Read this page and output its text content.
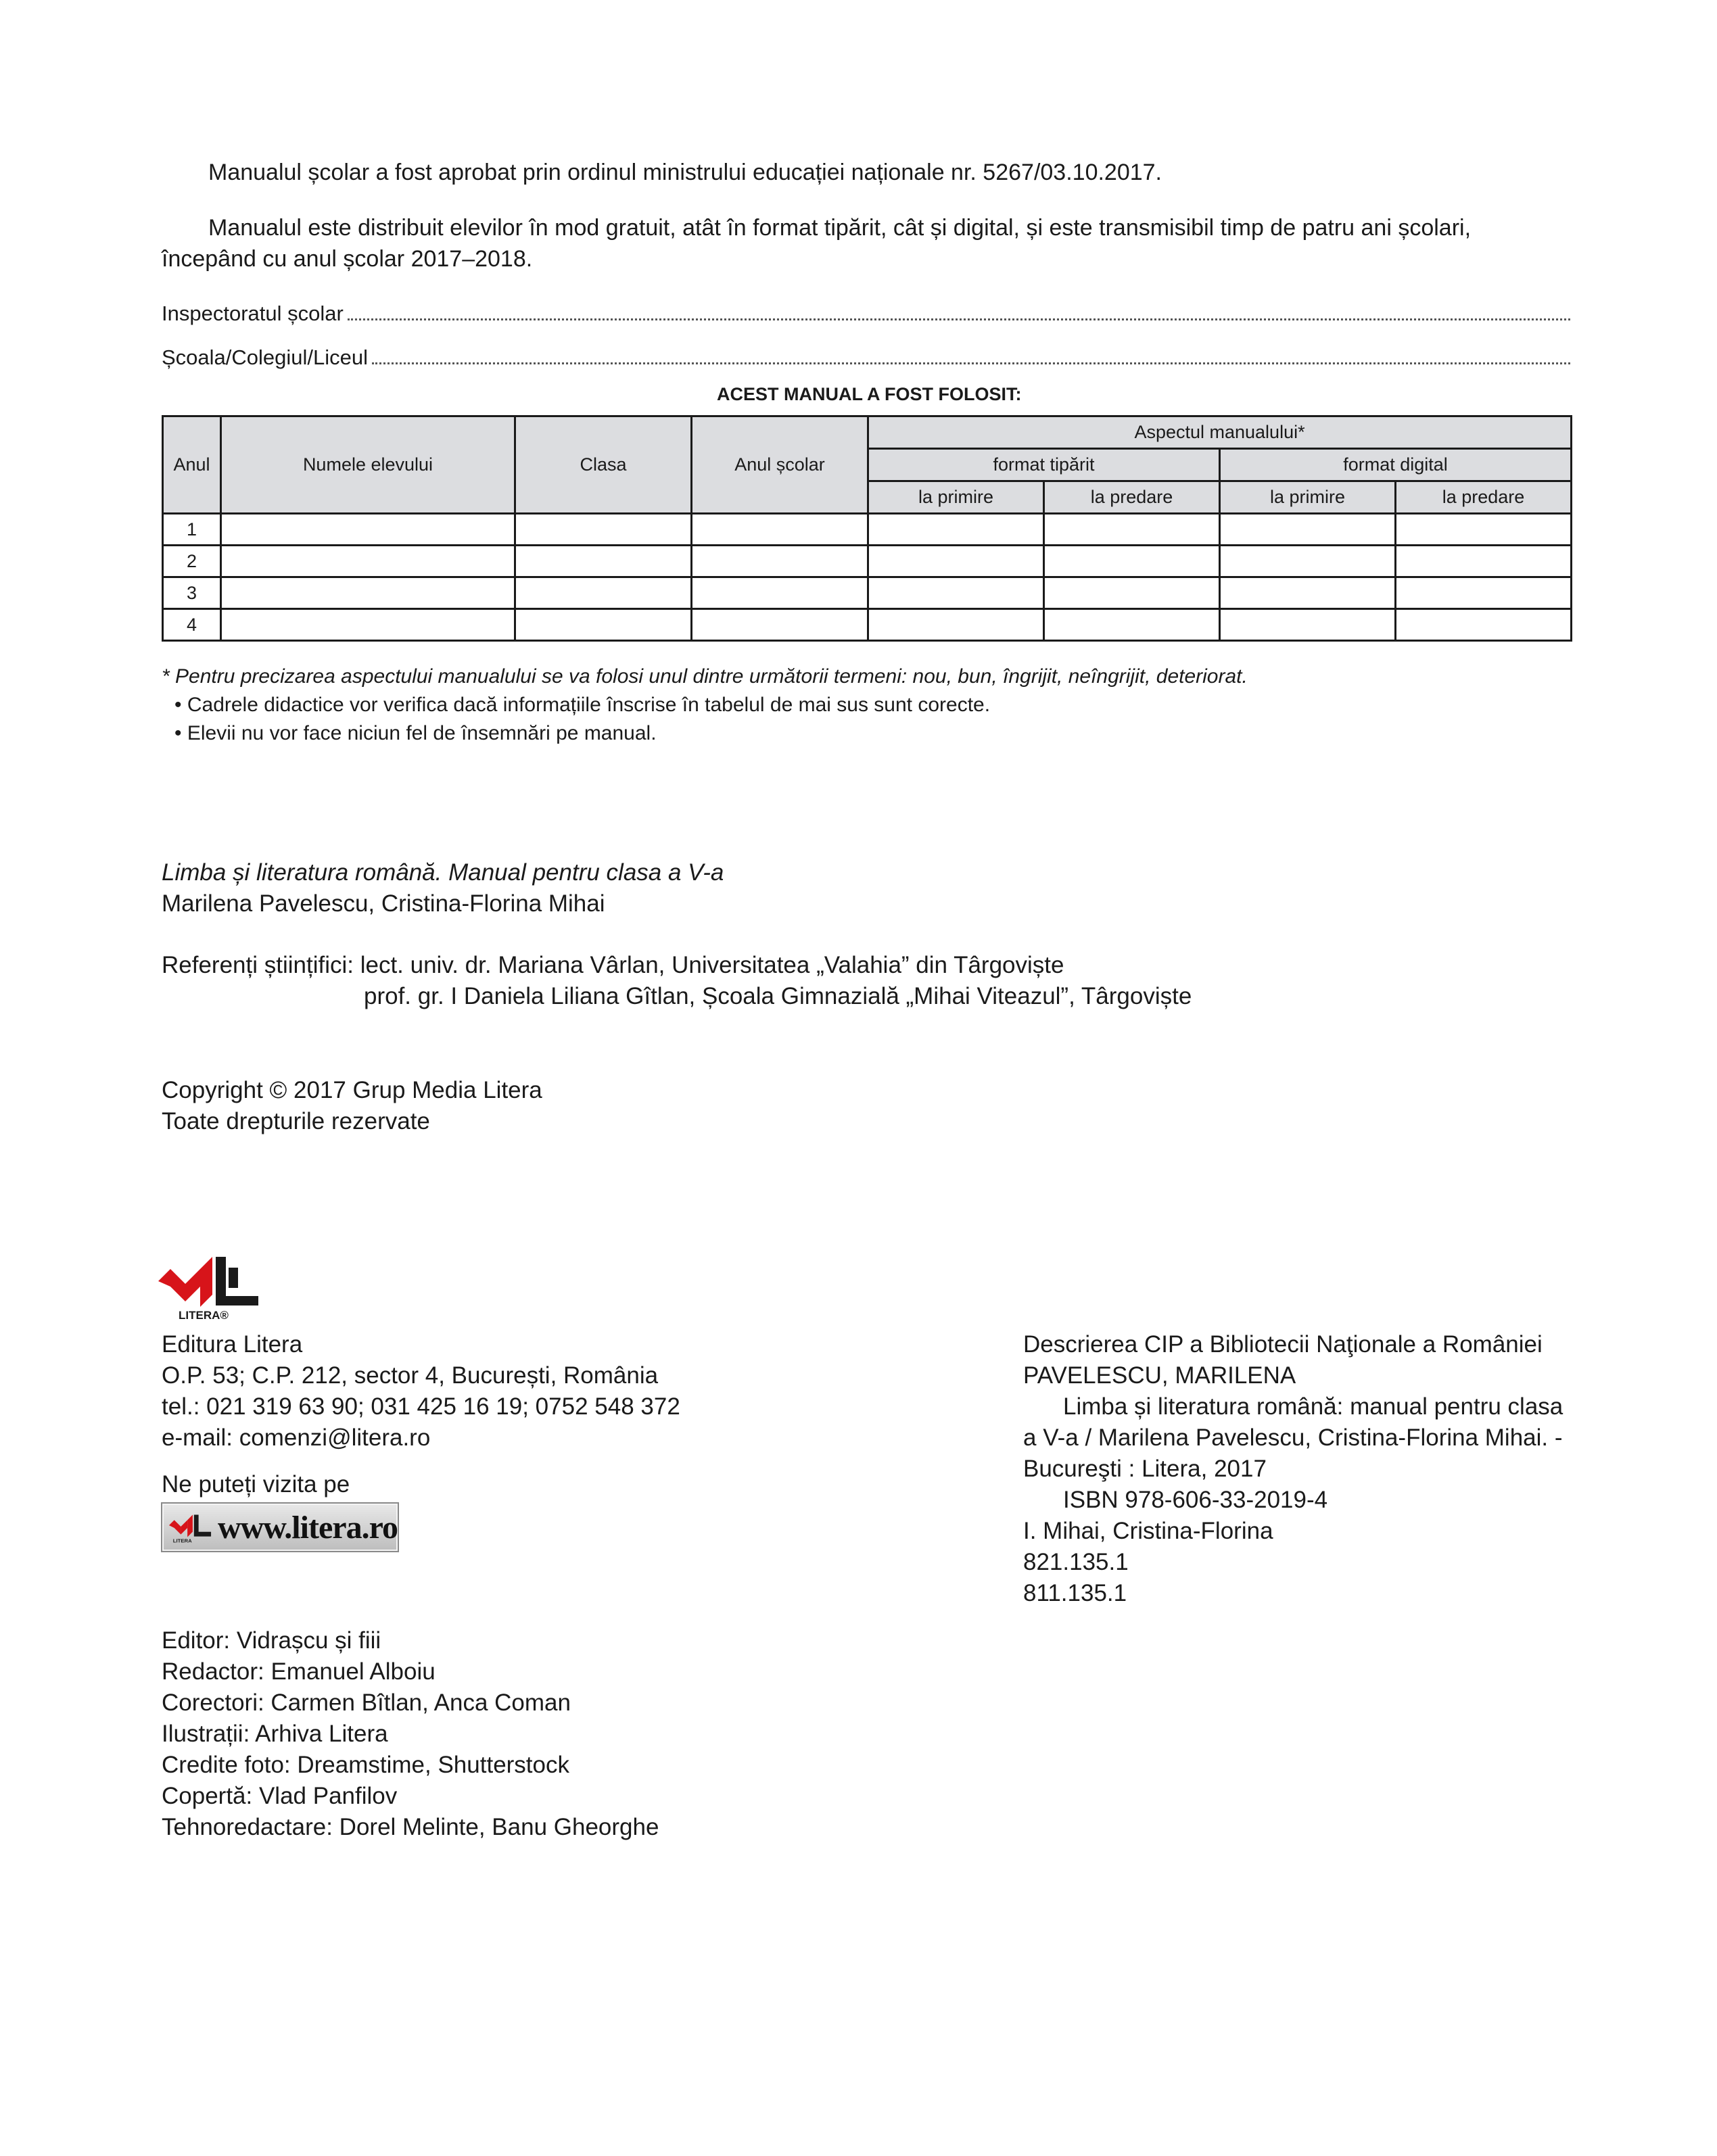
Manualul școlar a fost aprobat prin ordinul ministrului educației naționale nr. 5267/03.10.2017.
Manualul este distribuit elevilor în mod gratuit, atât în format tipărit, cât și digital, și este transmisibil timp de patru ani școlari,
începând cu anul școlar 2017–2018.
Inspectoratul școlar
Școala/Colegiul/Liceul
ACEST MANUAL A FOST FOLOSIT:
Anul	Numele elevului	Clasa	Anul școlar	Aspectul manualului*			
				format tipărit		format digital	
				la primire	la predare	la primire	la predare
1							
2							
3							
4							
* Pentru precizarea aspectului manualului se va folosi unul dintre următorii termeni: nou, bun, îngrijit, neîngrijit, deteriorat.
• Cadrele didactice vor verifica dacă informațiile înscrise în tabelul de mai sus sunt corecte.
• Elevii nu vor face niciun fel de însemnări pe manual.
Limba și literatura română. Manual pentru clasa a V-a
Marilena Pavelescu, Cristina-Florina Mihai
Referenți științifici: lect. univ. dr. Mariana Vârlan, Universitatea „Valahia” din Târgoviște
prof. gr. I Daniela Liliana Gîtlan, Școala Gimnazială „Mihai Viteazul”, Târgoviște
Copyright © 2017 Grup Media Litera
Toate drepturile rezervate
LITERA®
Editura Litera
O.P. 53; C.P. 212, sector 4, București, România
tel.: 021 319 63 90; 031 425 16 19; 0752 548 372
e-mail: comenzi@litera.ro
Ne puteți vizita pe
LITERA www.litera.ro
Descrierea CIP a Bibliotecii Naţionale a României
PAVELESCU, MARILENA
Limba și literatura română: manual pentru clasa
a V-a / Marilena Pavelescu, Cristina-Florina Mihai. -
Bucureşti : Litera, 2017
ISBN 978-606-33-2019-4
I. Mihai, Cristina-Florina
821.135.1
811.135.1
Editor: Vidrașcu și fiii
Redactor: Emanuel Alboiu
Corectori: Carmen Bîtlan, Anca Coman
Ilustrații: Arhiva Litera
Credite foto: Dreamstime, Shutterstock
Copertă: Vlad Panfilov
Tehnoredactare: Dorel Melinte, Banu Gheorghe
